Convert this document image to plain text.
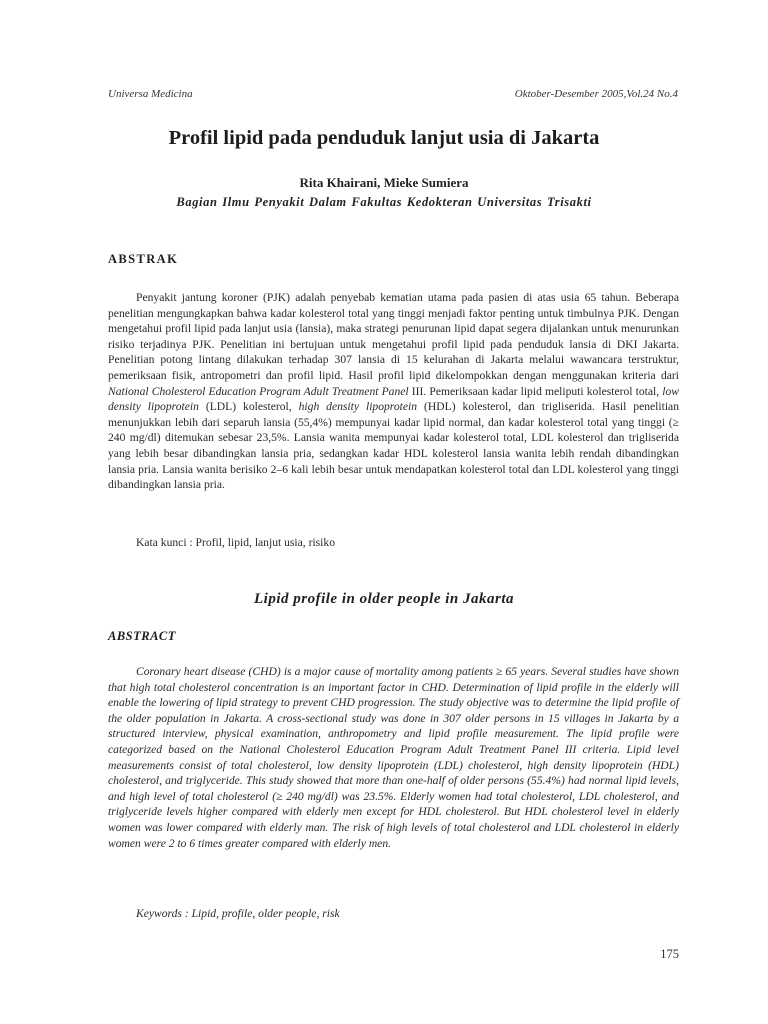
Universa Medicina	Oktober-Desember 2005,Vol.24 No.4
Profil lipid pada penduduk lanjut usia di Jakarta
Rita Khairani, Mieke Sumiera
Bagian Ilmu Penyakit Dalam Fakultas Kedokteran Universitas Trisakti
ABSTRAK

Penyakit jantung koroner (PJK) adalah penyebab kematian utama pada pasien di atas usia 65 tahun. Beberapa penelitian mengungkapkan bahwa kadar kolesterol total yang tinggi menjadi faktor penting untuk timbulnya PJK. Dengan mengetahui profil lipid pada lanjut usia (lansia), maka strategi penurunan lipid dapat segera dijalankan untuk menurunkan risiko terjadinya PJK. Penelitian ini bertujuan untuk mengetahui profil lipid pada penduduk lansia di DKI Jakarta. Penelitian potong lintang dilakukan terhadap 307 lansia di 15 kelurahan di Jakarta melalui wawancara terstruktur, pemeriksaan fisik, antropometri dan profil lipid. Hasil profil lipid dikelompokkan dengan menggunakan kriteria dari National Cholesterol Education Program Adult Treatment Panel III. Pemeriksaan kadar lipid meliputi kolesterol total, low density lipoprotein (LDL) kolesterol, high density lipoprotein (HDL) kolesterol, dan trigliserida. Hasil penelitian menunjukkan lebih dari separuh lansia (55,4%) mempunyai kadar lipid normal, dan kadar kolesterol total yang tinggi (≥ 240 mg/dl) ditemukan sebesar 23,5%. Lansia wanita mempunyai kadar kolesterol total, LDL kolesterol dan trigliserida yang lebih besar dibandingkan lansia pria, sedangkan kadar HDL kolesterol lansia wanita lebih rendah dibandingkan lansia pria. Lansia wanita berisiko 2–6 kali lebih besar untuk mendapatkan kolesterol total dan LDL kolesterol yang tinggi dibandingkan lansia pria.

Kata kunci : Profil, lipid, lanjut usia, risiko
Lipid profile in older people in Jakarta
ABSTRACT

Coronary heart disease (CHD) is a major cause of mortality among patients ≥ 65 years. Several studies have shown that high total cholesterol concentration is an important factor in CHD. Determination of lipid profile in the elderly will enable the lowering of lipid strategy to prevent CHD progression. The study objective was to determine the lipid profile of the older population in Jakarta. A cross-sectional study was done in 307 older persons in 15 villages in Jakarta by a structured interview, physical examination, anthropometry and lipid profile measurement. The lipid profile were categorized based on the National Cholesterol Education Program Adult Treatment Panel III criteria. Lipid level measurements consist of total cholesterol, low density lipoprotein (LDL) cholesterol, high density lipoprotein (HDL) cholesterol, and triglyceride. This study showed that more than one-half of older persons (55.4%) had normal lipid levels, and high level of total cholesterol (≥ 240 mg/dl) was 23.5%. Elderly women had total cholesterol, LDL cholesterol, and triglyceride levels higher compared with elderly men except for HDL cholesterol. But HDL cholesterol level in elderly women was lower compared with elderly man. The risk of high levels of total cholesterol and LDL cholesterol in elderly women were 2 to 6 times greater compared with elderly men.

Keywords : Lipid, profile, older people, risk
175
